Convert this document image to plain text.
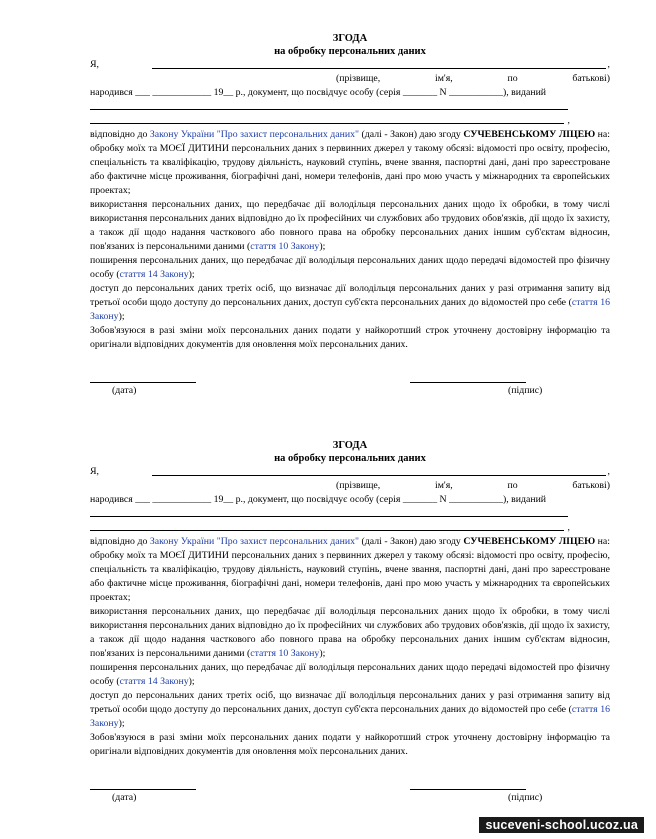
ЗГОДА
на обробку персональних даних
Я,	,
(прізвище,	ім'я,	по	батькові)
народився ___ ____________ 19__ р., документ, що посвідчує особу (серія _______ N ___________), виданий
,
відповідно до Закону України "Про захист персональних даних" (далі - Закон) даю згоду СУЧЕВЕНСЬКОМУ ЛІЦЕЮ на: обробку моїх та МОЄЇ ДИТИНИ персональних даних з первинних джерел у такому обсязі: відомості про освіту, професію, спеціальність та кваліфікацію, трудову діяльність, науковий ступінь, вчене звання, паспортні дані, дані про зареєстроване або фактичне місце проживання, біографічні дані, номери телефонів, дані про мою участь у міжнародних та європейських проектах;
використання персональних даних, що передбачає дії володільця персональних даних щодо їх обробки, в тому числі використання персональних даних відповідно до їх професійних чи службових або трудових обов'язків, дії щодо їх захисту, а також дії щодо надання часткового або повного права на обробку персональних даних іншим суб'єктам відносин, пов'язаних із персональними даними (стаття 10 Закону);
поширення персональних даних, що передбачає дії володільця персональних даних щодо передачі відомостей про фізичну особу (стаття 14 Закону);
доступ до персональних даних третіх осіб, що визначає дії володільця персональних даних у разі отримання запиту від третьої особи щодо доступу до персональних даних, доступ суб'єкта персональних даних до відомостей про себе (стаття 16 Закону);
Зобов'язуюся в разі зміни моїх персональних даних подати у найкоротший строк уточнену достовірну інформацію та оригінали відповідних документів для оновлення моїх персональних даних.
(дата)	(підпис)
ЗГОДА
на обробку персональних даних
Я,	,
(прізвище,	ім'я,	по	батькові)
народився ___ ____________ 19__ р., документ, що посвідчує особу (серія _______ N ___________), виданий
,
відповідно до Закону України "Про захист персональних даних" (далі - Закон) даю згоду СУЧЕВЕНСЬКОМУ ЛІЦЕЮ на: обробку моїх та МОЄЇ ДИТИНИ персональних даних з первинних джерел у такому обсязі: відомості про освіту, професію, спеціальність та кваліфікацію, трудову діяльність, науковий ступінь, вчене звання, паспортні дані, дані про зареєстроване або фактичне місце проживання, біографічні дані, номери телефонів, дані про мою участь у міжнародних та європейських проектах;
використання персональних даних, що передбачає дії володільця персональних даних щодо їх обробки, в тому числі використання персональних даних відповідно до їх професійних чи службових або трудових обов'язків, дії щодо їх захисту, а також дії щодо надання часткового або повного права на обробку персональних даних іншим суб'єктам відносин, пов'язаних із персональними даними (стаття 10 Закону);
поширення персональних даних, що передбачає дії володільця персональних даних щодо передачі відомостей про фізичну особу (стаття 14 Закону);
доступ до персональних даних третіх осіб, що визначає дії володільця персональних даних у разі отримання запиту від третьої особи щодо доступу до персональних даних, доступ суб'єкта персональних даних до відомостей про себе (стаття 16 Закону);
Зобов'язуюся в разі зміни моїх персональних даних подати у найкоротший строк уточнену достовірну інформацію та оригінали відповідних документів для оновлення моїх персональних даних.
(дата)	(підпис)
suceveni-school.ucoz.ua
